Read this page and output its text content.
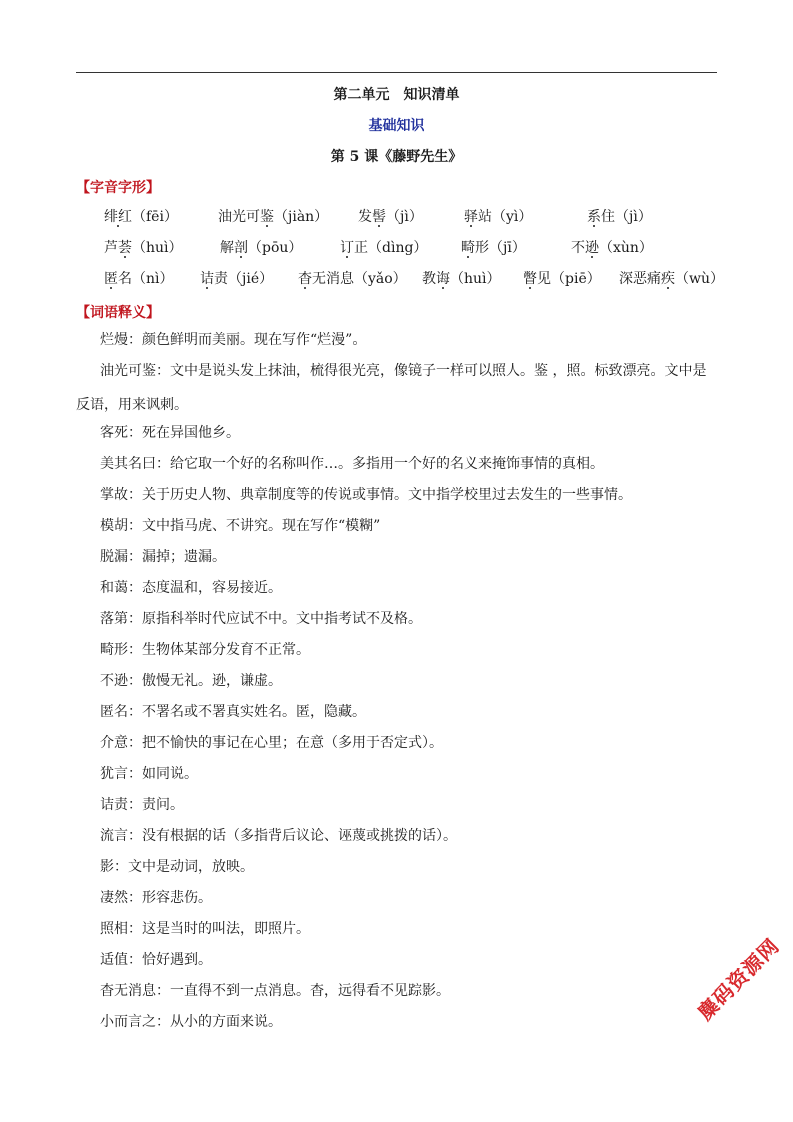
第二单元　知识清单
基础知识
第 5 课《藤野先生》
【字音字形】
绯红（fēi）	油光可鉴（jiàn） 发髻（jì）	驿站（yì）	系住（jì）
芦荟（huì）	解剖（pōu）	订正（dìng） 畸形（jī）	不逊（xùn）
匿名（nì） 诘责（jié） 杳无消息（yǎo） 教诲（huì） 瞥见（piē） 深恶痛疾（wù）
【词语释义】
烂熳：颜色鲜明而美丽。现在写作“烂漫”。
油光可鉴：文中是说头发上抹油，梳得很光亮，像镜子一样可以照人。鉴 ，照。标致漂亮。文中是
反语，用来讽刺。
客死：死在异国他乡。
美其名曰：给它取一个好的名称叫作…。多指用一个好的名义来掩饰事情的真相。
掌故：关于历史人物、典章制度等的传说或事情。文中指学校里过去发生的一些事情。
模胡：文中指马虎、不讲究。现在写作“模糊”
脱漏：漏掉；遗漏。
和蔼：态度温和，容易接近。
落第：原指科举时代应试不中。文中指考试不及格。
畸形：生物体某部分发育不正常。
不逊：傲慢无礼。逊，谦虚。
匿名：不署名或不署真实姓名。匿，隐藏。
介意：把不愉快的事记在心里；在意（多用于否定式）。
犹言：如同说。
诘责：责问。
流言：没有根据的话（多指背后议论、诬蔑或挑拨的话）。
影：文中是动词，放映。
凄然：形容悲伤。
照相：这是当时的叫法，即照片。
适值：恰好遇到。
杳无消息：一直得不到一点消息。杳，远得看不见踪影。
小而言之：从小的方面来说。	麋码资源网
